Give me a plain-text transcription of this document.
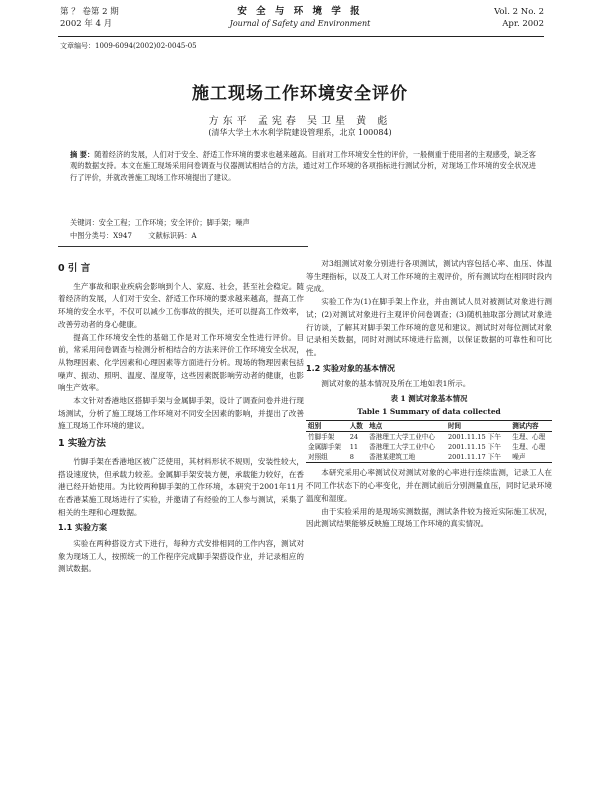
第 ？ 卷第 2 期
2002 年 4 月
安 全 与 环 境 学 报
Journal of Safety and Environment
Vol. 2 No. 2
Apr. 2002
文章编号：1009-6094(2002)02-0045-05
施工现场工作环境安全评价
方东平 孟宪春 吴卫星 黄 彪
(清华大学土木水利学院建设管理系，北京 100084)
摘 要：随着经济的发展，人们对于安全、舒适工作环境的要求也越来越高。目前对工作环境安全性的评价，一般侧重于使用者的主观感受，缺乏客观的数据支持。本文在施工现场采用问卷调查与仪器测试相结合的方法，通过对工作环境的各项指标进行测试分析，对现场工作环境的安全状况进行了评价，并就改善施工现场工作环境提出了建议。
关键词：安全工程；工作环境；安全评价；脚手架；噪声
中图分类号：X947 文献标识码：A
0 引 言

生产事故和职业疾病会影响到个人、家庭、社会，甚至社会稳定。随着经济的发展，人们对于安全、舒适工作环境的要求越来越高，提高工作环境的安全水平，不仅可以减少工伤事故的损失，还可以提高工作效率，改善劳动者的身心健康。

提高工作环境安全性的基础工作是对工作环境安全性进行评价。目前，常采用问卷调查与检测分析相结合的方法来评价工作环境安全状况，从物理因素、化学因素和心理因素等方面进行分析。现场的物理因素包括噪声、振动、照明、温度、湿度等，这些因素既影响劳动者的健康，也影响生产效率。

本文针对香港地区搭脚手架与金属脚手架，设计了调查问卷并进行现场测试，分析了施工现场工作环境对不同安全因素的影响，并提出了改善施工现场工作环境的建议。

1 实验方法

竹脚手架在香港地区被广泛使用，其材料形状不规则，安装性较大，搭设速度快，但承载力较差。金属脚手架安装方便，承载能力较好，在香港已经开始使用。为比较两种脚手架的工作环境，本研究于2001年11月在香港某施工现场进行了实验，并邀请了有经验的工人参与测试，采集了相关的生理和心理数据。

1.1 实验方案

实验在两种搭设方式下进行，每种方式安排相同的工作内容，测试对象为现场工人，按照统一的工作程序完成脚手架搭设作业，并记录相应的测试数据。

对3组测试对象分别进行各项测试，测试内容包括心率、血压、体温等生理指标，以及工人对工作环境的主观评价，所有测试均在相同时段内完成。

实验工作为(1)在脚手架上作业，并由测试人员对被测试对象进行测试；(2)对测试对象进行主观评价问卷调查；(3)随机抽取部分测试对象进行访谈，了解其对脚手架工作环境的意见和建议。测试时对每位测试对象记录相关数据，同时对测试环境进行监测，以保证数据的可靠性和可比性。

1.2 实验对象的基本情况

测试对象的基本情况及所在工地如表1所示。

表 1 测试对象基本情况
Table 1 Summary of data collected
组别	人数	地点	时间	测试内容
竹脚手架	24	香港理工大学工业中心	2001.11.15 下午	生理、心理
金属脚手架	11	香港理工大学工业中心	2001.11.15 下午	生理、心理
对照组	8	香港某建筑工地	2001.11.17 下午	噪声

本研究采用心率测试仪对测试对象的心率进行连续监测，记录工人在不同工作状态下的心率变化，并在测试前后分别测量血压，同时记录环境温度和湿度。

由于实验采用的是现场实测数据，测试条件较为接近实际施工状况，因此测试结果能够反映施工现场工作环境的真实情况。
